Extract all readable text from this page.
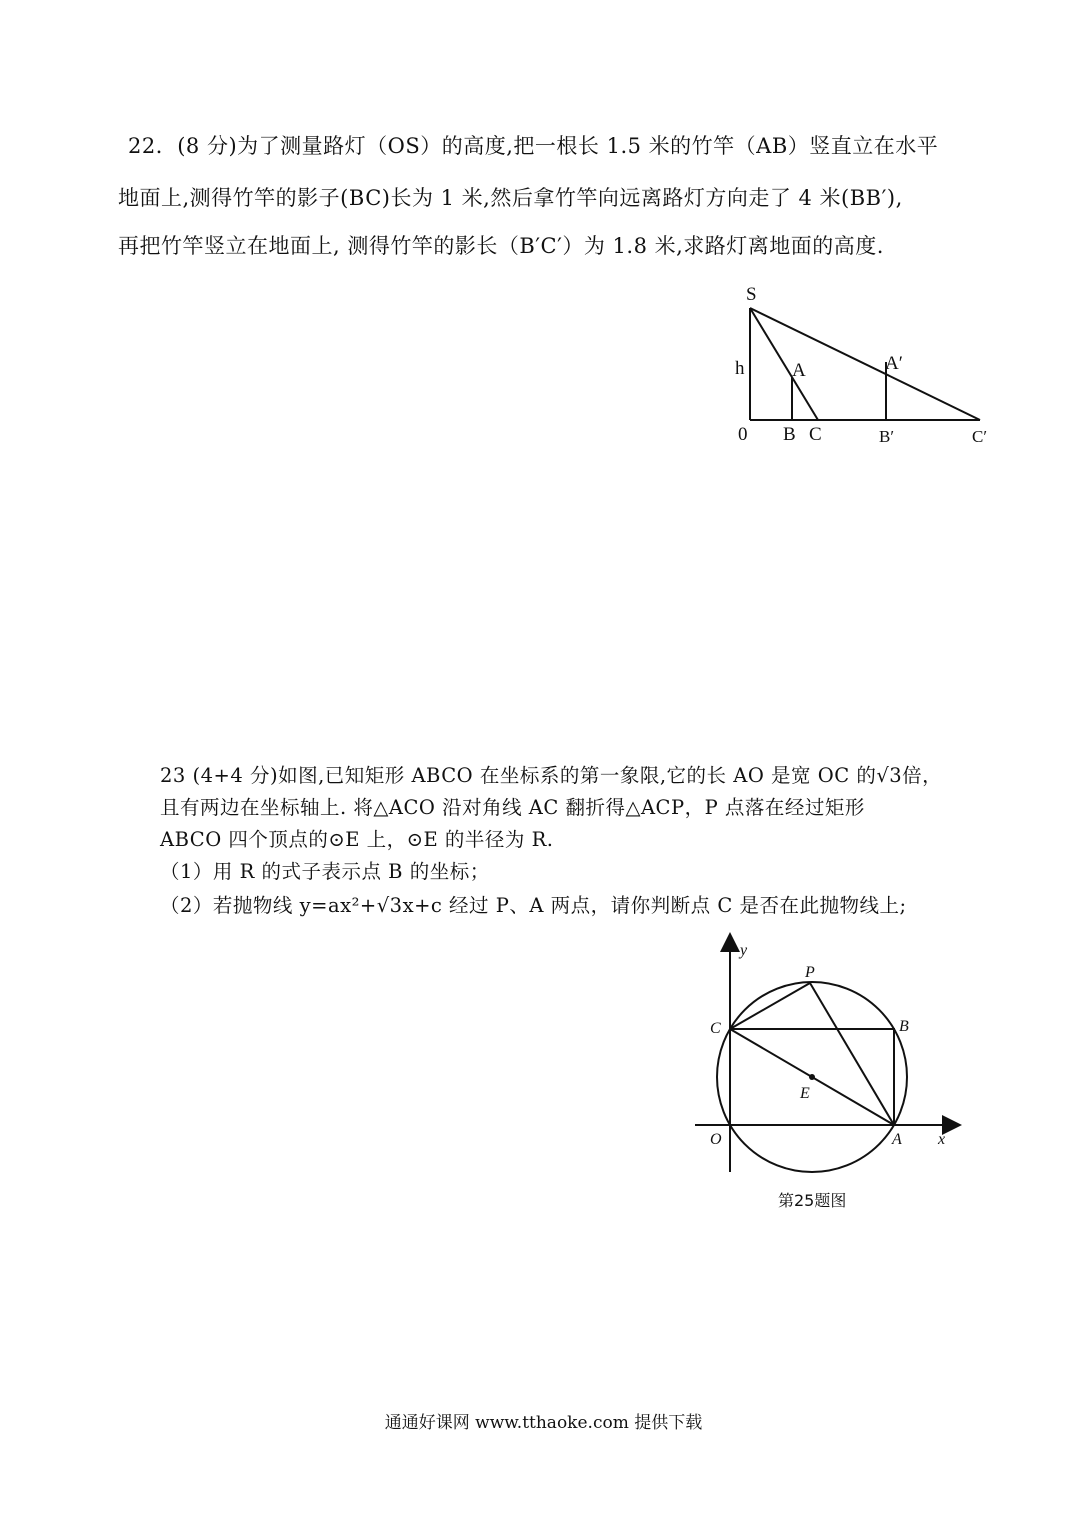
22．(8 分)为了测量路灯（OS）的高度,把一根长 1.5 米的竹竿（AB）竖直立在水平
地面上,测得竹竿的影子(BC)长为 1 米,然后拿竹竿向远离路灯方向走了 4 米(BB′),
再把竹竿竖立在地面上, 测得竹竿的影长（B′C′）为 1.8 米,求路灯离地面的高度.
S
h	A	A′
0 B C	B′	C′
23 (4+4 分)如图,已知矩形 ABCO 在坐标系的第一象限,它的长 AO 是宽 OC 的√3倍，
且有两边在坐标轴上. 将△ACO 沿对角线 AC 翻折得△ACP，P 点落在经过矩形
ABCO 四个顶点的⊙E 上，⊙E 的半径为 R.
（1）用 R 的式子表示点 B 的坐标；
（2）若抛物线 y=ax²+√3x+c 经过 P、A 两点，请你判断点 C 是否在此抛物线上;
y
x
P
C	B
E
O	A
第25题图
通通好课网 www.tthaoke.com 提供下载
